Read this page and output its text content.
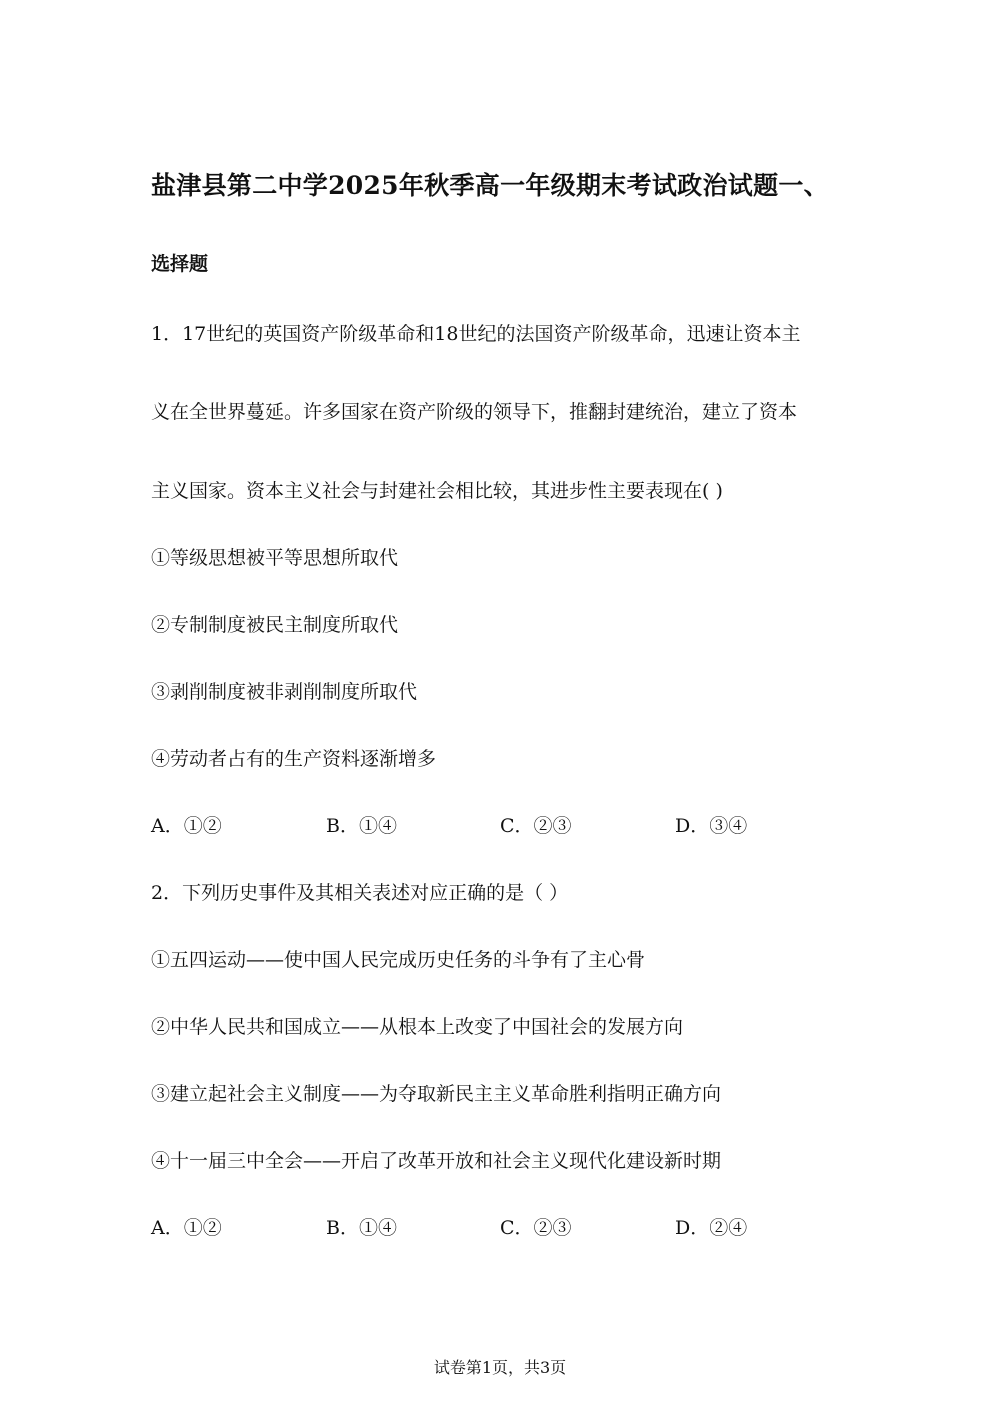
盐津县第二中学2025年秋季高一年级期末考试政治试题一、
选择题
1．17世纪的英国资产阶级革命和18世纪的法国资产阶级革命，迅速让资本主
义在全世界蔓延。许多国家在资产阶级的领导下，推翻封建统治，建立了资本
主义国家。资本主义社会与封建社会相比较，其进步性主要表现在( )
①等级思想被平等思想所取代
②专制制度被民主制度所取代
③剥削制度被非剥削制度所取代
④劳动者占有的生产资料逐渐增多
A．①②	B．①④	C．②③	D．③④
2．下列历史事件及其相关表述对应正确的是（ ）
①五四运动——使中国人民完成历史任务的斗争有了主心骨
②中华人民共和国成立——从根本上改变了中国社会的发展方向
③建立起社会主义制度——为夺取新民主主义革命胜利指明正确方向
④十一届三中全会——开启了改革开放和社会主义现代化建设新时期
A．①②	B．①④	C．②③	D．②④
试卷第1页，共3页
